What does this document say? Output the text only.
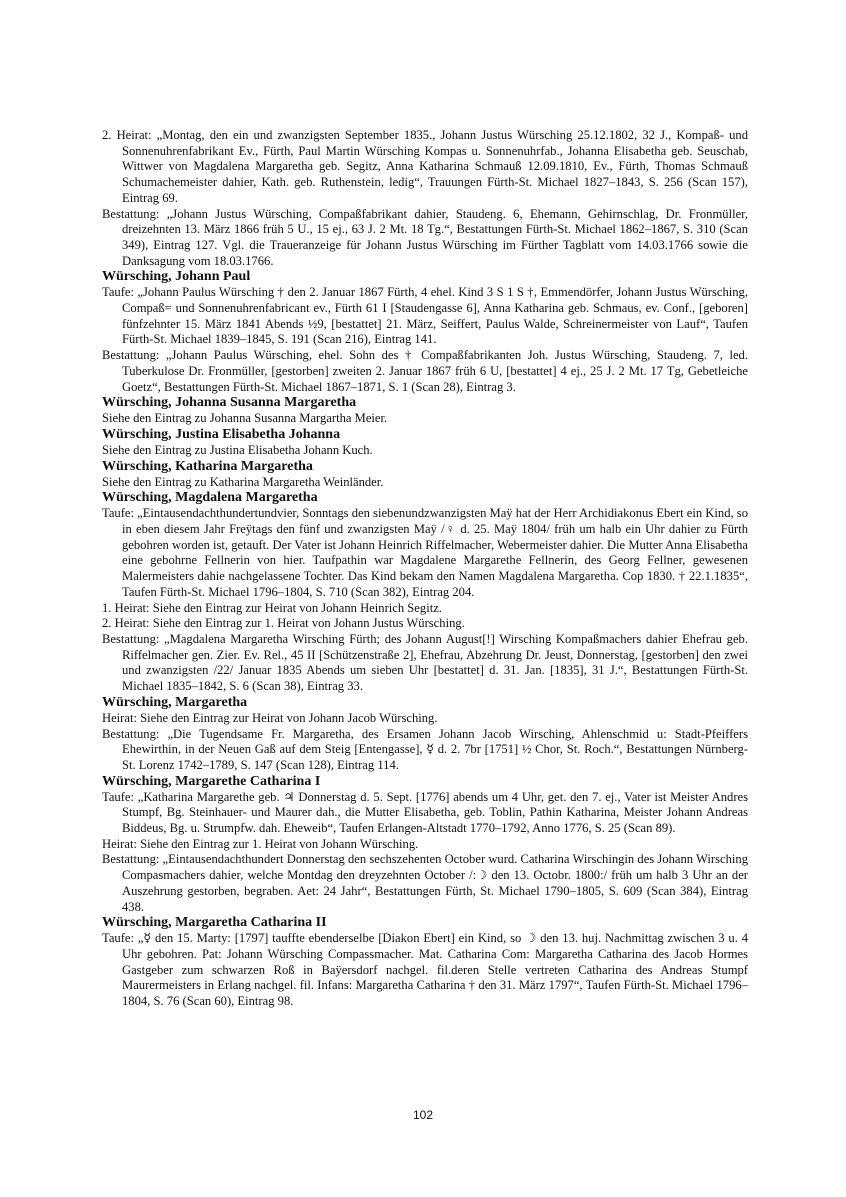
2. Heirat: „Montag, den ein und zwanzigsten September 1835., Johann Justus Würsching 25.12.1802, 32 J., Kompaß- und Sonnenuhrenfabrikant Ev., Fürth, Paul Martin Würsching Kompas u. Sonnenuhrfab., Johanna Elisabetha geb. Seuschab, Wittwer von Magdalena Margaretha geb. Segitz, Anna Katharina Schmauß 12.09.1810, Ev., Fürth, Thomas Schmauß Schumachemeister dahier, Kath. geb. Ruthenstein, ledig“, Trauungen Fürth-St. Michael 1827–1843, S. 256 (Scan 157), Eintrag 69.

Bestattung: „Johann Justus Würsching, Compaßfabrikant dahier, Staudeng. 6, Ehemann, Gehirnschlag, Dr. Fronmüller, dreizehnten 13. März 1866 früh 5 U., 15 ej., 63 J. 2 Mt. 18 Tg.“, Bestattungen Fürth-St. Michael 1862–1867, S. 310 (Scan 349), Eintrag 127. Vgl. die Traueranzeige für Johann Justus Würsching im Fürther Tagblatt vom 14.03.1766 sowie die Danksagung vom 18.03.1766.

Würsching, Johann Paul

Taufe: „Johann Paulus Würsching † den 2. Januar 1867 Fürth, 4 ehel. Kind 3 S 1 S †, Emmendörfer, Johann Justus Würsching, Compaß= und Sonnenuhrenfabricant ev., Fürth 61 I [Staudengasse 6], Anna Katharina geb. Schmaus, ev. Conf., [geboren] fünfzehnter 15. März 1841 Abends ½9, [bestattet] 21. März, Seiffert, Paulus Walde, Schreinermeister von Lauf“, Taufen Fürth-St. Michael 1839–1845, S. 191 (Scan 216), Eintrag 141.

Bestattung: „Johann Paulus Würsching, ehel. Sohn des † Compaßfabrikanten Joh. Justus Würsching, Staudeng. 7, led. Tuberkulose Dr. Fronmüller, [gestorben] zweiten 2. Januar 1867 früh 6 U, [bestattet] 4 ej., 25 J. 2 Mt. 17 Tg, Gebetleiche Goetz“, Bestattungen Fürth-St. Michael 1867–1871, S. 1 (Scan 28), Eintrag 3.

Würsching, Johanna Susanna Margaretha

Siehe den Eintrag zu Johanna Susanna Margartha Meier.

Würsching, Justina Elisabetha Johanna

Siehe den Eintrag zu Justina Elisabetha Johann Kuch.

Würsching, Katharina Margaretha

Siehe den Eintrag zu Katharina Margaretha Weinländer.

Würsching, Magdalena Margaretha

Taufe: „Eintausendachthundertundvier, Sonntags den siebenundzwanzigsten Maÿ hat der Herr Archidiakonus Ebert ein Kind, so in eben diesem Jahr Freÿtags den fünf und zwanzigsten Maÿ /♀ d. 25. Maÿ 1804/ früh um halb ein Uhr dahier zu Fürth gebohren worden ist, getauft. Der Vater ist Johann Heinrich Riffelmacher, Webermeister dahier. Die Mutter Anna Elisabetha eine gebohrne Fellnerin von hier. Taufpathin war Magdalene Margarethe Fellnerin, des Georg Fellner, gewesenen Malermeisters dahie nachgelassene Tochter. Das Kind bekam den Namen Magdalena Margaretha. Cop 1830. † 22.1.1835“, Taufen Fürth-St. Michael 1796–1804, S. 710 (Scan 382), Eintrag 204.

1. Heirat: Siehe den Eintrag zur Heirat von Johann Heinrich Segitz.

2. Heirat: Siehe den Eintrag zur 1. Heirat von Johann Justus Würsching.

Bestattung: „Magdalena Margaretha Wirsching Fürth; des Johann August[!] Wirsching Kompaßmachers dahier Ehefrau geb. Riffelmacher gen. Zier. Ev. Rel., 45 II [Schützenstraße 2], Ehefrau, Abzehrung Dr. Jeust, Donnerstag, [gestorben] den zwei und zwanzigsten /22/ Januar 1835 Abends um sieben Uhr [bestattet] d. 31. Jan. [1835], 31 J.“, Bestattungen Fürth-St. Michael 1835–1842, S. 6 (Scan 38), Eintrag 33.

Würsching, Margaretha

Heirat: Siehe den Eintrag zur Heirat von Johann Jacob Würsching.

Bestattung: „Die Tugendsame Fr. Margaretha, des Ersamen Johann Jacob Wirsching, Ahlenschmid u: Stadt-Pfeiffers Ehewirthin, in der Neuen Gaß auf dem Steig [Entengasse], ☿ d. 2. 7br [1751] ½ Chor, St. Roch.“, Bestattungen Nürnberg-St. Lorenz 1742–1789, S. 147 (Scan 128), Eintrag 114.

Würsching, Margarethe Catharina I

Taufe: „Katharina Margarethe geb. ♃ Donnerstag d. 5. Sept. [1776] abends um 4 Uhr, get. den 7. ej., Vater ist Meister Andres Stumpf, Bg. Steinhauer- und Maurer dah., die Mutter Elisabetha, geb. Toblin, Pathin Katharina, Meister Johann Andreas Biddeus, Bg. u. Strumpfw. dah. Eheweib“, Taufen Erlangen-Altstadt 1770–1792, Anno 1776, S. 25 (Scan 89).

Heirat: Siehe den Eintrag zur 1. Heirat von Johann Würsching.

Bestattung: „Eintausendachthundert Donnerstag den sechszehenten October wurd. Catharina Wirschingin des Johann Wirsching Compasmachers dahier, welche Montdag den dreyzehnten October /:☽ den 13. Octobr. 1800:/ früh um halb 3 Uhr an der Auszehrung gestorben, begraben. Aet: 24 Jahr“, Bestattungen Fürth, St. Michael 1790–1805, S. 609 (Scan 384), Eintrag 438.

Würsching, Margaretha Catharina II

Taufe: „☿ den 15. Marty: [1797] tauffte ebenderselbe [Diakon Ebert] ein Kind, so ☽ den 13. huj. Nachmittag zwischen 3 u. 4 Uhr gebohren. Pat: Johann Würsching Compassmacher. Mat. Catharina Com: Margaretha Catharina des Jacob Hormes Gastgeber zum schwarzen Roß in Baÿersdorf nachgel. fil.deren Stelle vertreten Catharina des Andreas Stumpf Maurermeisters in Erlang nachgel. fil. Infans: Margaretha Catharina † den 31. März 1797“, Taufen Fürth-St. Michael 1796–1804, S. 76 (Scan 60), Eintrag 98.

102
